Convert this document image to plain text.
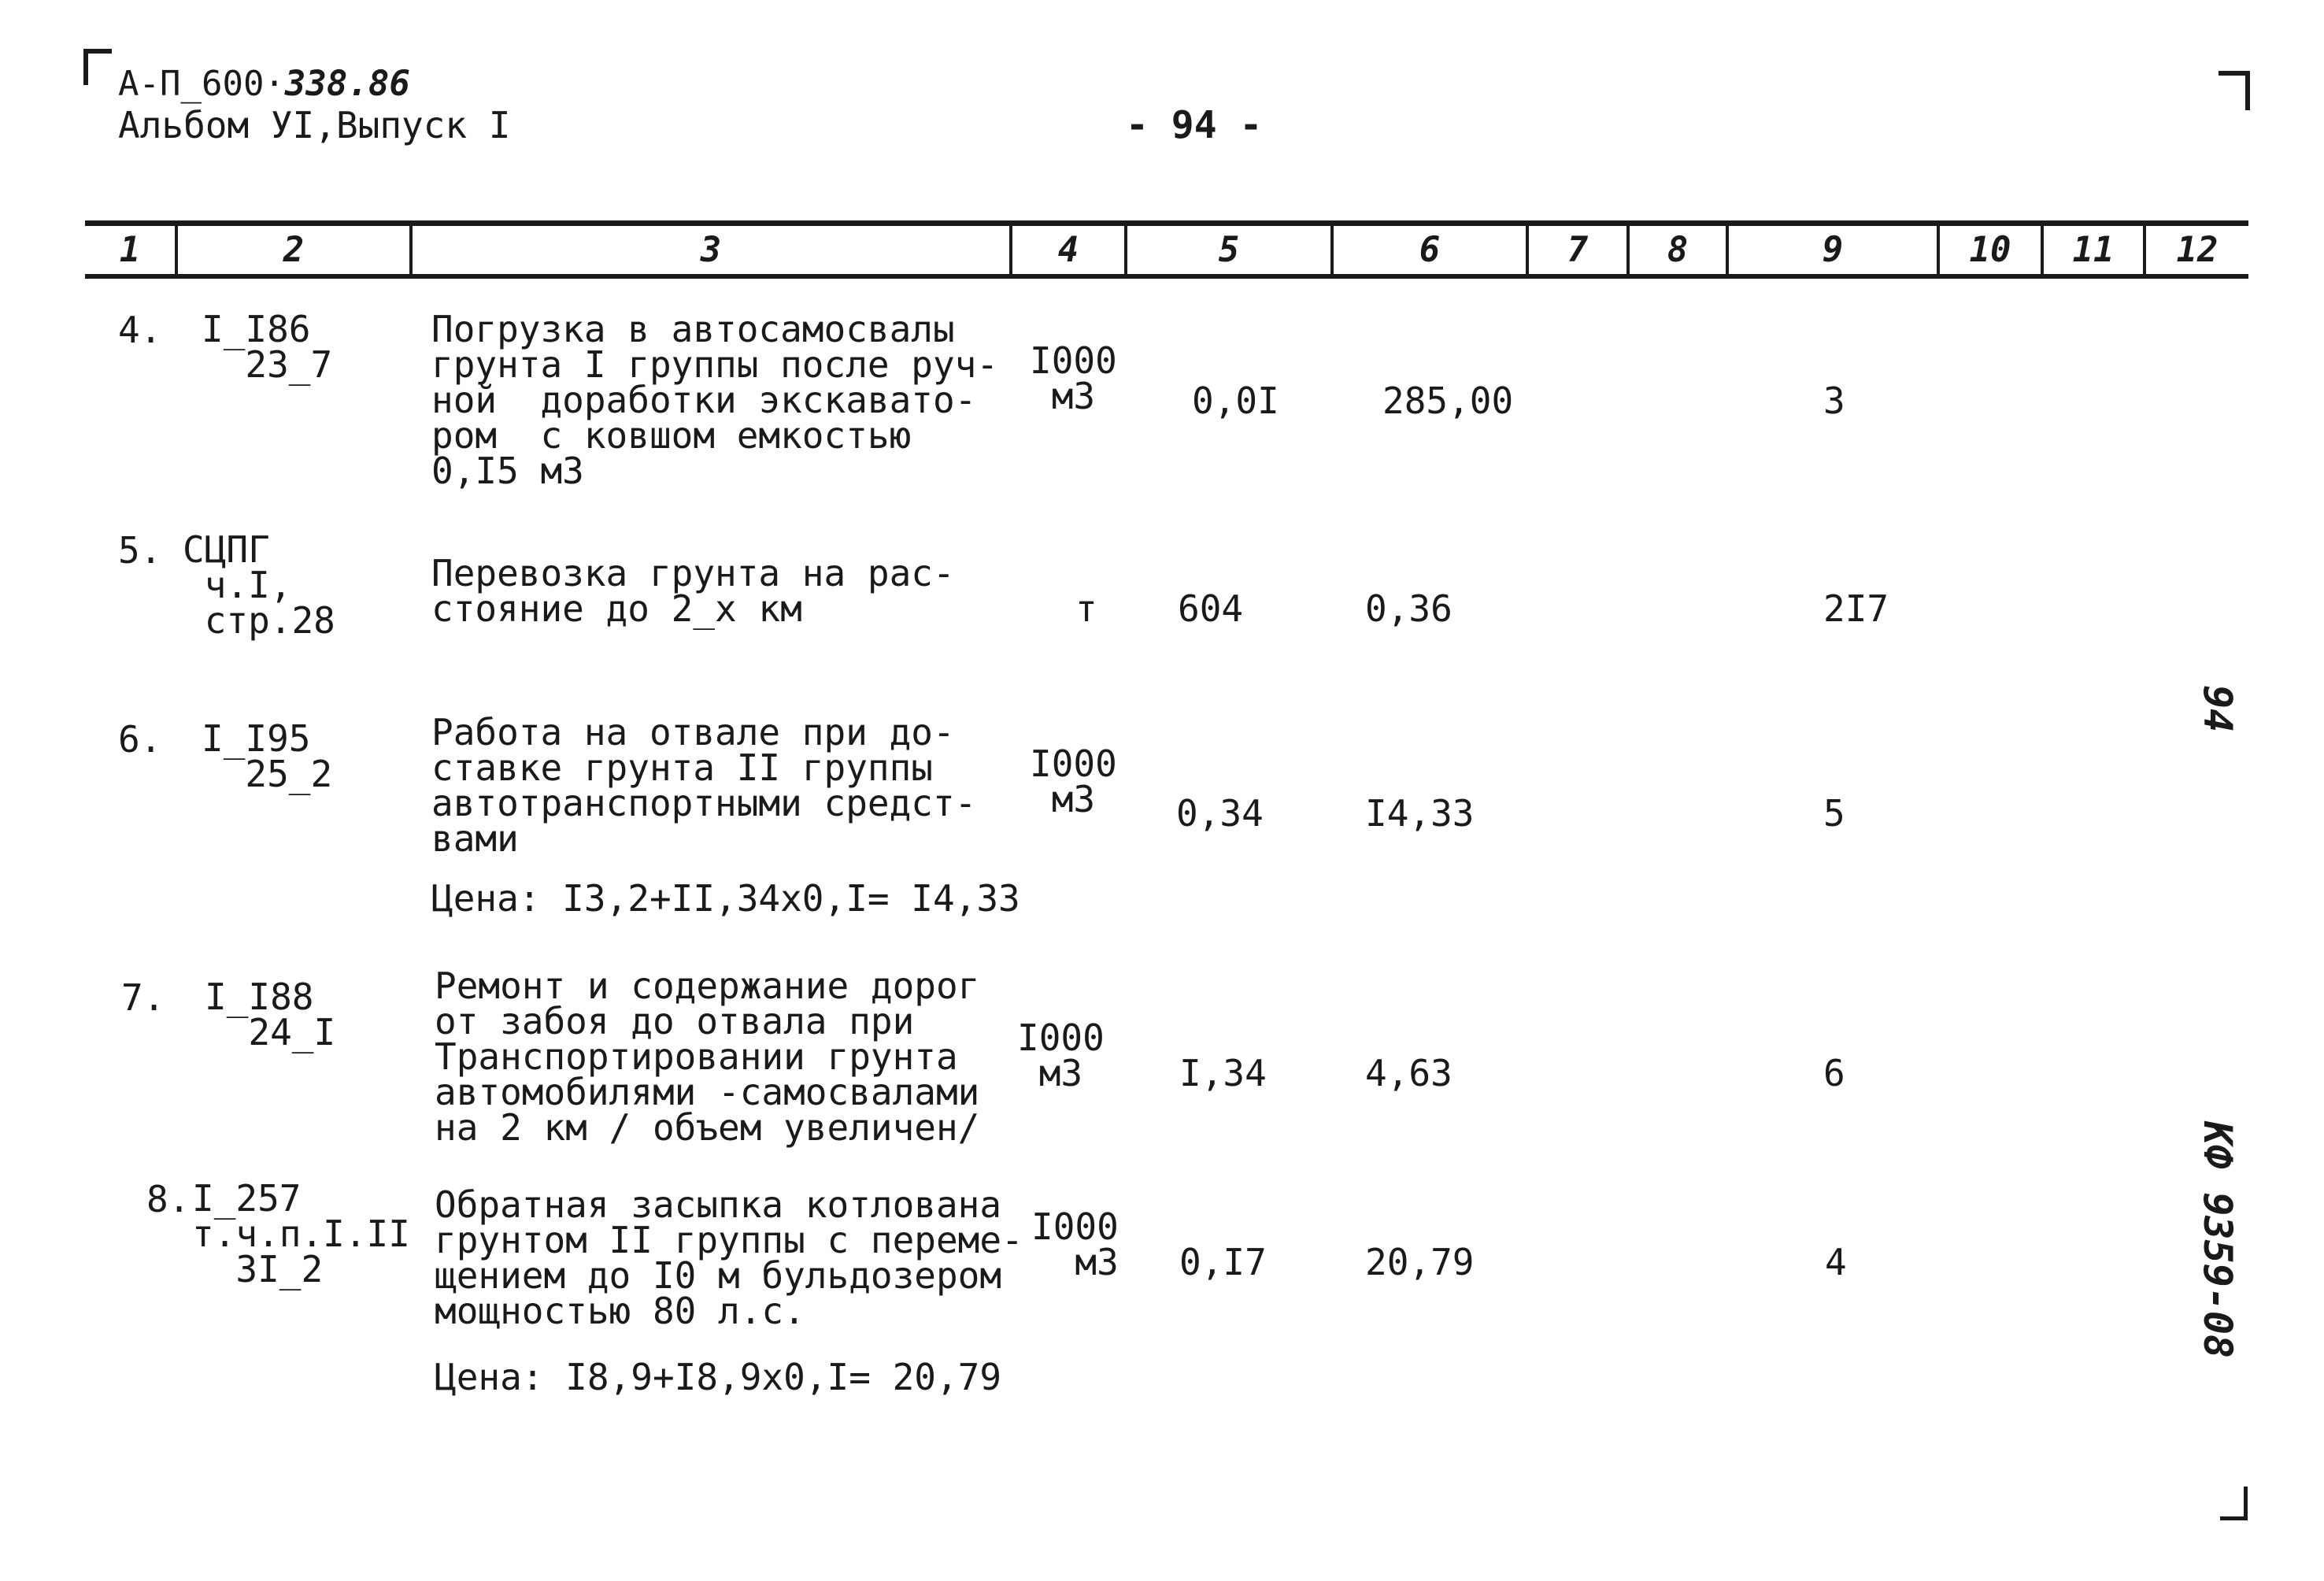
А-П_600·338.86
Альбом УI,Выпуск I	- 94 -
1	2	3	4	5	6	7	8	9	10	11	12
4. I_I86
23_7
Погрузка в автосамосвалы
грунта I группы после руч-
ной  доработки экскавато-
ром  с ковшом емкостью
0,I5 м3
I000
м3	0,0I	285,00	3
5. СЦПГ
ч.I,
стр.28
Перевозка грунта на рас-
стояние до 2_х км	т 604	0,36	2I7
6. I_I95
25_2
Работа на отвале при до-
ставке грунта II группы
автотранспортными средст-
вами
I000
м3	0,34	I4,33	5
Цена: I3,2+II,34х0,I= I4,33
7. I_I88
24_I
Ремонт и содержание дорог
от забоя до отвала при
Транспортировании грунта
автомобилями -самосвалами
на 2 км / объем увеличен/
I000
м3	I,34	4,63	6
8. I_257
т.ч.п.I.II
3I_2
Обратная засыпка котлована
грунтом II группы с переме-
щением до I0 м бульдозером
мощностью 80 л.с.
I000
м3 0,I7	20,79	4
Цена: I8,9+I8,9х0,I= 20,79
94
КФ 9359-08
